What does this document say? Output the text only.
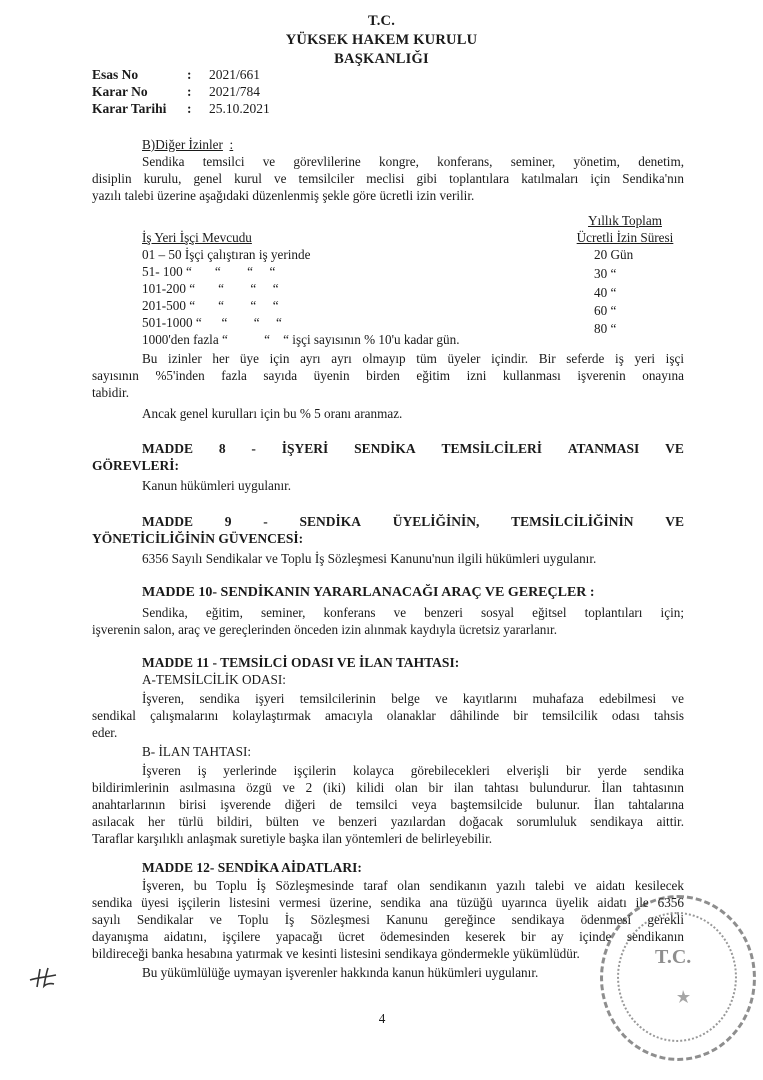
T.C.
YÜKSEK HAKEM KURULU
BAŞKANLIĞI
Esas No	:	2021/661
Karar No	:	2021/784
Karar Tarihi	:	25.10.2021
B)Diğer İzinler :
Sendika temsilci ve görevlilerine kongre, konferans, seminer, yönetim, denetim,
disiplin kurulu, genel kurul ve temsilciler meclisi gibi toplantılara katılmaları için Sendika'nın
yazılı talebi üzerine aşağıdaki düzenlenmiş şekle göre ücretli izin verilir.
Yıllık Toplam
Ücretli İzin Süresi
İş Yeri İşçi Mevcudu
01 – 50 İşçi çalıştıran iş yerinde	20 Gün
51- 100 “       “        “     “	30 “
101-200 “       “        “     “	40 “
201-500 “       “        “     “	60 “
501-1000 “      “        “     “	80 “
1000'den fazla “           “    “ işçi sayısının % 10'u kadar gün.
Bu izinler her üye için ayrı ayrı olmayıp tüm üyeler içindir. Bir seferde iş yeri işçi
sayısının %5'inden fazla sayıda üyenin birden eğitim izni kullanması işverenin onayına
tabidir.
Ancak genel kurulları için bu % 5 oranı aranmaz.
MADDE 8 - İŞYERİ SENDİKA TEMSİLCİLERİ ATANMASI VE
GÖREVLERİ:
Kanun hükümleri uygulanır.
MADDE 9 - SENDİKA ÜYELİĞİNİN, TEMSİLCİLİĞİNİN VE
YÖNETİCİLİĞİNİN GÜVENCESİ:
6356 Sayılı Sendikalar ve Toplu İş Sözleşmesi Kanunu'nun ilgili hükümleri uygulanır.
MADDE 10- SENDİKANIN YARARLANACAĞI ARAÇ VE GEREÇLER :
Sendika, eğitim, seminer, konferans ve benzeri sosyal eğitsel toplantıları için;
işverenin salon, araç ve gereçlerinden önceden izin alınmak kaydıyla ücretsiz yararlanır.
MADDE 11 - TEMSİLCİ ODASI VE İLAN TAHTASI:
A-TEMSİLCİLİK ODASI:
İşveren, sendika işyeri temsilcilerinin belge ve kayıtlarını muhafaza edebilmesi ve
sendikal çalışmalarını kolaylaştırmak amacıyla olanaklar dâhilinde bir temsilcilik odası tahsis
eder.
B- İLAN TAHTASI:
İşveren iş yerlerinde işçilerin kolayca görebilecekleri elverişli bir yerde sendika
bildirimlerinin asılmasına özgü ve 2 (iki) kilidi olan bir ilan tahtası bulundurur. İlan tahtasının
anahtarlarının birisi işverende diğeri de temsilci veya baştemsilcide bulunur. İlan tahtalarına
asılacak her türlü bildiri, bülten ve benzeri yazılardan doğacak sorumluluk sendikaya aittir.
Taraflar karşılıklı anlaşmak suretiyle başka ilan yöntemleri de belirleyebilir.
MADDE 12- SENDİKA AİDATLARI:
İşveren, bu Toplu İş Sözleşmesinde taraf olan sendikanın yazılı talebi ve aidatı kesilecek
sendika üyesi işçilerin listesini vermesi üzerine, sendika ana tüzüğü uyarınca üyelik aidatı ile 6356
sayılı Sendikalar ve Toplu İş Sözleşmesi Kanunu gereğince sendikaya ödenmesi gerekli
dayanışma aidatını, işçilere yapacağı ücret ödemesinden keserek bir ay içinde sendikanın
bildireceği banka hesabına yatırmak ve kesinti listesini sendikaya göndermekle yükümlüdür.
Bu yükümlülüğe uymayan işverenler hakkında kanun hükümleri uygulanır.
T.C.
4
